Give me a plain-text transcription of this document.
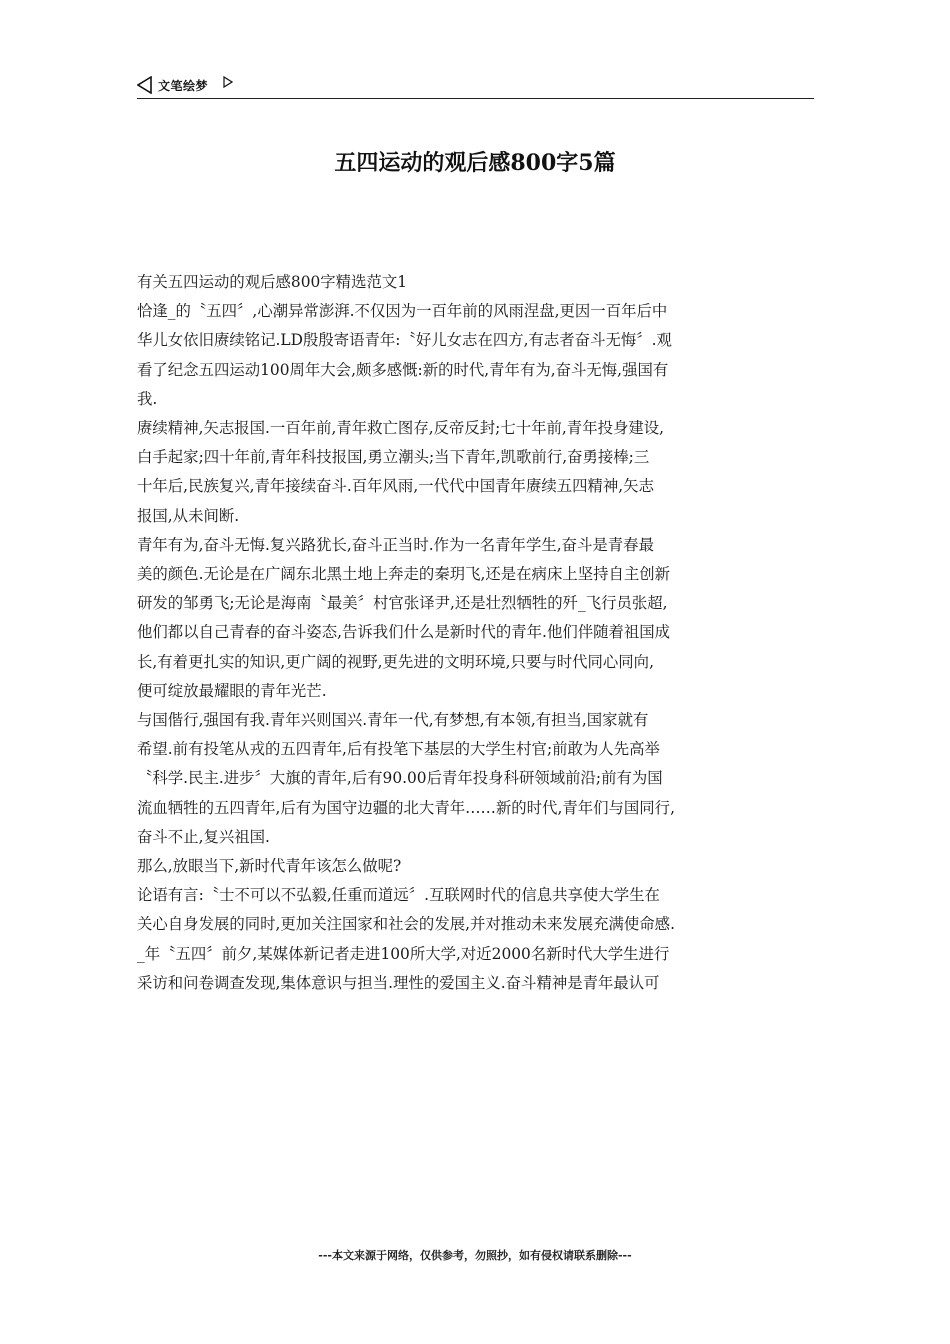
文笔绘梦
五四运动的观后感800字5篇

有关五四运动的观后感800字精选范文1

恰逢_的〝五四〞,心潮异常澎湃.不仅因为一百年前的风雨涅盘,更因一百年后中

华儿女依旧赓续铭记.LD殷殷寄语青年:〝好儿女志在四方,有志者奋斗无悔〞.观

看了纪念五四运动100周年大会,颇多感慨:新的时代,青年有为,奋斗无悔,强国有

我.

赓续精神,矢志报国.一百年前,青年救亡图存,反帝反封;七十年前,青年投身建设,

白手起家;四十年前,青年科技报国,勇立潮头;当下青年,凯歌前行,奋勇接棒;三

十年后,民族复兴,青年接续奋斗.百年风雨,一代代中国青年赓续五四精神,矢志

报国,从未间断.

青年有为,奋斗无悔.复兴路犹长,奋斗正当时.作为一名青年学生,奋斗是青春最

美的颜色.无论是在广阔东北黑土地上奔走的秦玥飞,还是在病床上坚持自主创新

研发的邹勇飞;无论是海南〝最美〞村官张译尹,还是壮烈牺牲的歼_飞行员张超,

他们都以自己青春的奋斗姿态,告诉我们什么是新时代的青年.他们伴随着祖国成

长,有着更扎实的知识,更广阔的视野,更先进的文明环境,只要与时代同心同向,

便可绽放最耀眼的青年光芒.

与国偕行,强国有我.青年兴则国兴.青年一代,有梦想,有本领,有担当,国家就有

希望.前有投笔从戎的五四青年,后有投笔下基层的大学生村官;前敢为人先高举

〝科学.民主.进步〞大旗的青年,后有90.00后青年投身科研领域前沿;前有为国

流血牺牲的五四青年,后有为国守边疆的北大青年……新的时代,青年们与国同行,

奋斗不止,复兴祖国.

那么,放眼当下,新时代青年该怎么做呢?

论语有言:〝士不可以不弘毅,任重而道远〞.互联网时代的信息共享使大学生在

关心自身发展的同时,更加关注国家和社会的发展,并对推动未来发展充满使命感.

_年〝五四〞前夕,某媒体新记者走进100所大学,对近2000名新时代大学生进行

采访和问卷调查发现,集体意识与担当.理性的爱国主义.奋斗精神是青年最认可

---本文来源于网络，仅供参考，勿照抄，如有侵权请联系删除---
